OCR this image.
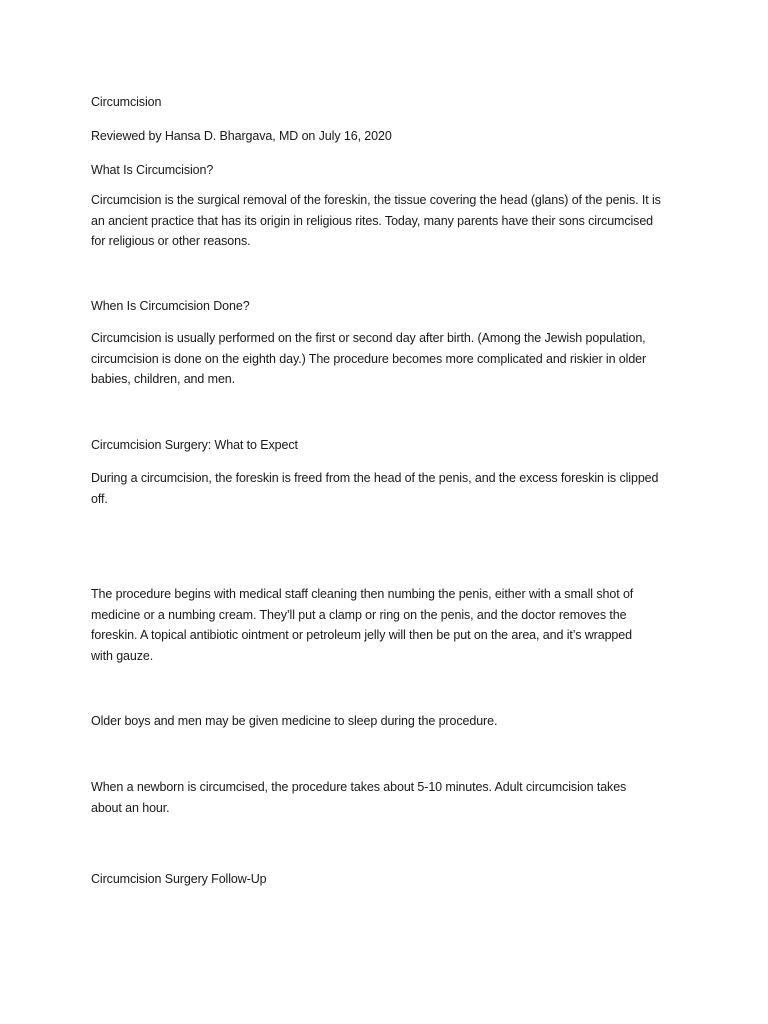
Circumcision
Reviewed by Hansa D. Bhargava, MD on July 16, 2020
What Is Circumcision?
Circumcision is the surgical removal of the foreskin, the tissue covering the head (glans) of the penis. It is
an ancient practice that has its origin in religious rites. Today, many parents have their sons circumcised
for religious or other reasons.
When Is Circumcision Done?
Circumcision is usually performed on the first or second day after birth. (Among the Jewish population,
circumcision is done on the eighth day.) The procedure becomes more complicated and riskier in older
babies, children, and men.
Circumcision Surgery: What to Expect
During a circumcision, the foreskin is freed from the head of the penis, and the excess foreskin is clipped
off.
The procedure begins with medical staff cleaning then numbing the penis, either with a small shot of
medicine or a numbing cream. They’ll put a clamp or ring on the penis, and the doctor removes the
foreskin. A topical antibiotic ointment or petroleum jelly will then be put on the area, and it’s wrapped
with gauze.
Older boys and men may be given medicine to sleep during the procedure.
When a newborn is circumcised, the procedure takes about 5-10 minutes. Adult circumcision takes
about an hour.
Circumcision Surgery Follow-Up
